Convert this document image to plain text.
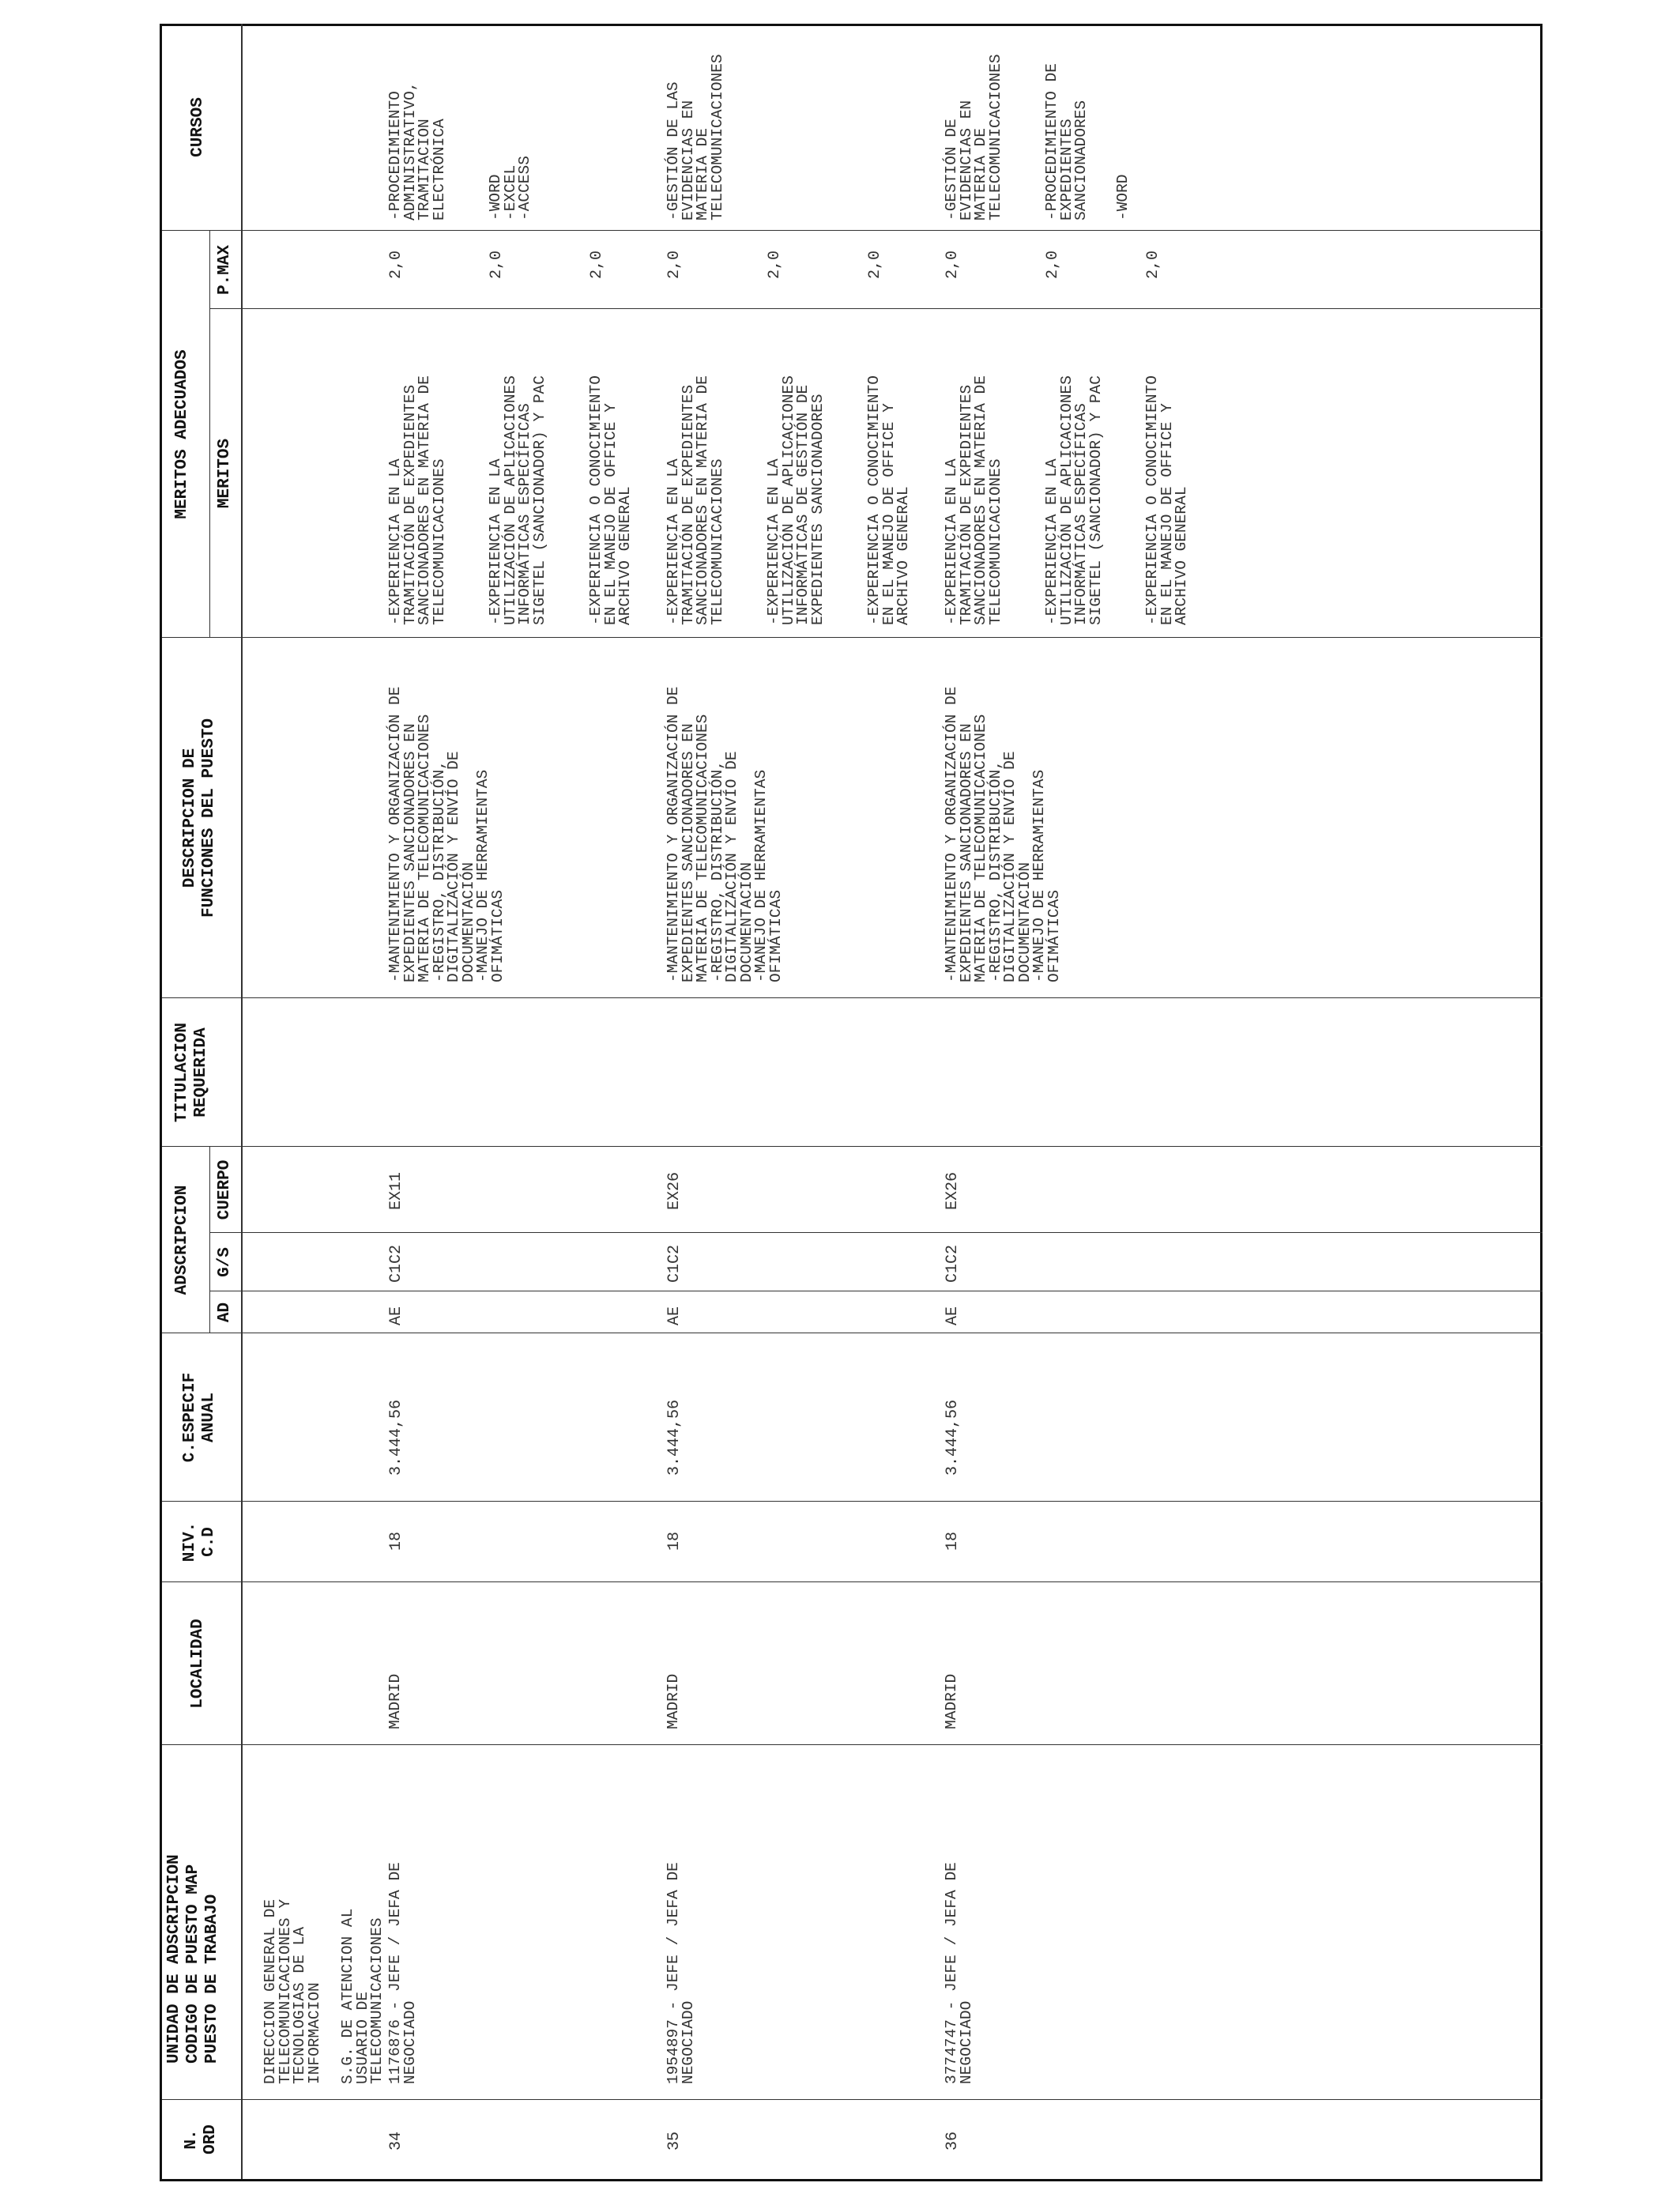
N.
ORD
UNIDAD DE ADSCRIPCION
CODIGO DE PUESTO MAP
PUESTO DE TRABAJO
LOCALIDAD
NIV.
C.D
C.ESPECIF
ANUAL
ADSCRIPCION
AD
G/S
CUERPO
TITULACION
REQUERIDA
DESCRIPCION DE
FUNCIONES DEL PUESTO
MERITOS ADECUADOS MERITOS
P.MAX
CURSOS
DIRECCION GENERAL DE
TELECOMUNICACIONES Y
TECNOLOGIAS DE LA
INFORMACION S.G. DE ATENCION AL
USUARIO DE
TELECOMUNICACIONES
34
1176876 - JEFE / JEFA DE
NEGOCIADO
MADRID
18
3.444,56
AE
C1C2
EX11
-MANTENIMIENTO Y ORGANIZACIÓN DE
EXPEDIENTES SANCIONADORES EN
MATERIA DE TELECOMUNICACIONES
-REGISTRO, DISTRIBUCIÓN,
DIGITALIZACIÓN Y ENVÍO DE
DOCUMENTACIÓN
-MANEJO DE HERRAMIENTAS
OFIMÁTICAS
-EXPERIENCIA EN LA
TRAMITACIÓN DE EXPEDIENTES
SANCIONADORES EN MATERIA DE
TELECOMUNICACIONES
2,0
-EXPERIENCIA EN LA
UTILIZACIÓN DE APLICACIONES
INFORMÁTICAS ESPECÍFICAS
SIGETEL (SANCIONADOR) Y PAC
2,0
-EXPERIENCIA O CONOCIMIENTO
EN EL MANEJO DE OFFICE Y
ARCHIVO GENERAL
2,0
-PROCEDIMIENTO
ADMINISTRATIVO,
TRAMITACION
ELECTRÓNICA	-WORD
-EXCEL
-ACCESS
35
1954897 - JEFE / JEFA DE
NEGOCIADO
MADRID
18
3.444,56
AE
C1C2
EX26
-MANTENIMIENTO Y ORGANIZACIÓN DE
EXPEDIENTES SANCIONADORES EN
MATERIA DE TELECOMUNICACIONES
-REGISTRO, DISTRIBUCIÓN,
DIGITALIZACIÓN Y ENVÍO DE
DOCUMENTACIÓN
-MANEJO DE HERRAMIENTAS
OFIMÁTICAS
-EXPERIENCIA EN LA
TRAMITACIÓN DE EXPEDIENTES
SANCIONADORES EN MATERIA DE
TELECOMUNICACIONES
2,0
-EXPERIENCIA EN LA
UTILIZACIÓN DE APLICACIONES
INFORMÁTICAS DE GESTIÓN DE
EXPEDIENTES SANCIONADORES
2,0
-EXPERIENCIA O CONOCIMIENTO
EN EL MANEJO DE OFFICE Y
ARCHIVO GENERAL
2,0
-GESTIÓN DE LAS
EVIDENCIAS EN
MATERIA DE
TELECOMUNICACIONES
36
3774747 - JEFE / JEFA DE
NEGOCIADO
MADRID
18
3.444,56
AE
C1C2
EX26
-MANTENIMIENTO Y ORGANIZACIÓN DE
EXPEDIENTES SANCIONADORES EN
MATERIA DE TELECOMUNICACIONES
-REGISTRO, DISTRIBUCIÓN,
DIGITALIZACIÓN Y ENVÍO DE
DOCUMENTACIÓN
-MANEJO DE HERRAMIENTAS
OFIMÁTICAS
-EXPERIENCIA EN LA
TRAMITACIÓN DE EXPEDIENTES
SANCIONADORES EN MATERIA DE
TELECOMUNICACIONES
2,0
-EXPERIENCIA EN LA
UTILIZACIÓN DE APLICACIONES
INFORMÁTICAS ESPECÍFICAS
SIGETEL (SANCIONADOR) Y PAC
2,0
-EXPERIENCIA O CONOCIMIENTO
EN EL MANEJO DE OFFICE Y
ARCHIVO GENERAL
2,0
-GESTIÓN DE
EVIDENCIAS EN
MATERIA DE
TELECOMUNICACIONES	-PROCEDIMIENTO DE
EXPEDIENTES
SANCIONADORES -WORD
